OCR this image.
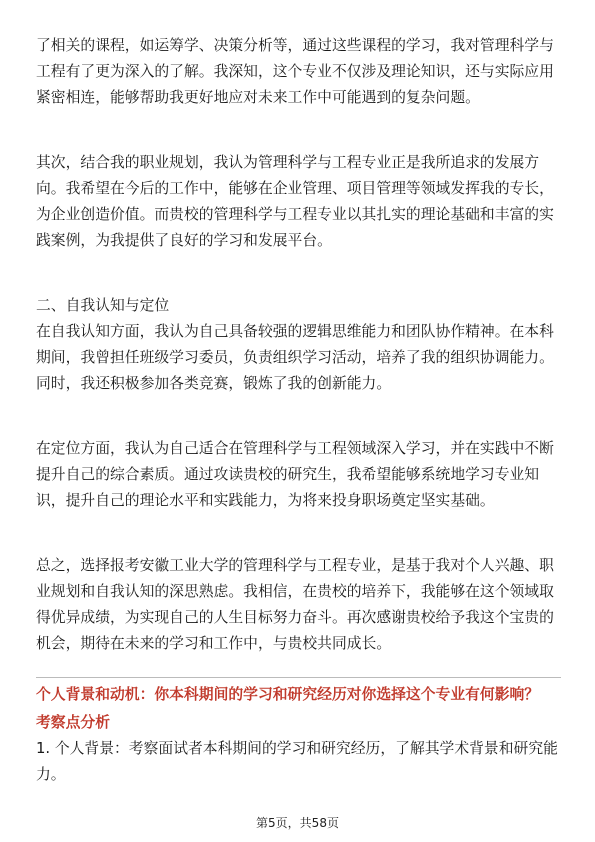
了相关的课程，如运筹学、决策分析等，通过这些课程的学习，我对管理科学与工程有了更为深入的了解。我深知，这个专业不仅涉及理论知识，还与实际应用紧密相连，能够帮助我更好地应对未来工作中可能遇到的复杂问题。

其次，结合我的职业规划，我认为管理科学与工程专业正是我所追求的发展方向。我希望在今后的工作中，能够在企业管理、项目管理等领域发挥我的专长，为企业创造价值。而贵校的管理科学与工程专业以其扎实的理论基础和丰富的实践案例，为我提供了良好的学习和发展平台。

二、自我认知与定位

在自我认知方面，我认为自己具备较强的逻辑思维能力和团队协作精神。在本科期间，我曾担任班级学习委员，负责组织学习活动，培养了我的组织协调能力。同时，我还积极参加各类竞赛，锻炼了我的创新能力。

在定位方面，我认为自己适合在管理科学与工程领域深入学习，并在实践中不断提升自己的综合素质。通过攻读贵校的研究生，我希望能够系统地学习专业知识，提升自己的理论水平和实践能力，为将来投身职场奠定坚实基础。

总之，选择报考安徽工业大学的管理科学与工程专业，是基于我对个人兴趣、职业规划和自我认知的深思熟虑。我相信，在贵校的培养下，我能够在这个领域取得优异成绩，为实现自己的人生目标努力奋斗。再次感谢贵校给予我这个宝贵的机会，期待在未来的学习和工作中，与贵校共同成长。

个人背景和动机：你本科期间的学习和研究经历对你选择这个专业有何影响？

考察点分析

1. 个人背景：考察面试者本科期间的学习和研究经历，了解其学术背景和研究能力。

第5页，共58页
